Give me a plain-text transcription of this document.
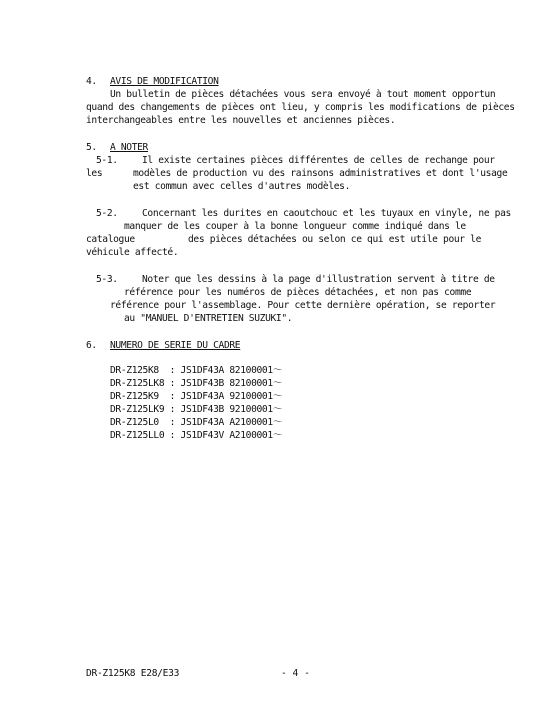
4. AVIS DE MODIFICATION
Un bulletin de pièces détachées vous sera envoyé à tout moment opportun
quand des changements de pièces ont lieu, y compris les modifications de pièces
interchangeables entre les nouvelles et anciennes pièces.
5. A NOTER
5-1.	Il existe certaines pièces différentes de celles de rechange pour
les	modèles de production vu des rainsons administratives et dont l'usage
est commun avec celles d'autres modèles.
5-2.	Concernant les durites en caoutchouc et les tuyaux en vinyle, ne pas
manquer de les couper à la bonne longueur comme indiqué dans le
catalogue	des pièces détachées ou selon ce qui est utile pour le
véhicule affecté.
5-3.	Noter que les dessins à la page d'illustration servent à titre de
référence pour les numéros de pièces détachées, et non pas comme
référence pour l'assemblage. Pour cette dernière opération, se reporter
au "MANUEL D'ENTRETIEN SUZUKI".
6. NUMERO DE SERIE DU CADRE
DR-Z125K8  : JS1DF43A 82100001～
DR-Z125LK8 : JS1DF43B 82100001～
DR-Z125K9  : JS1DF43A 92100001～
DR-Z125LK9 : JS1DF43B 92100001～
DR-Z125L0  : JS1DF43A A2100001～
DR-Z125LL0 : JS1DF43V A2100001～
DR-Z125K8 E28/E33	- 4 -
